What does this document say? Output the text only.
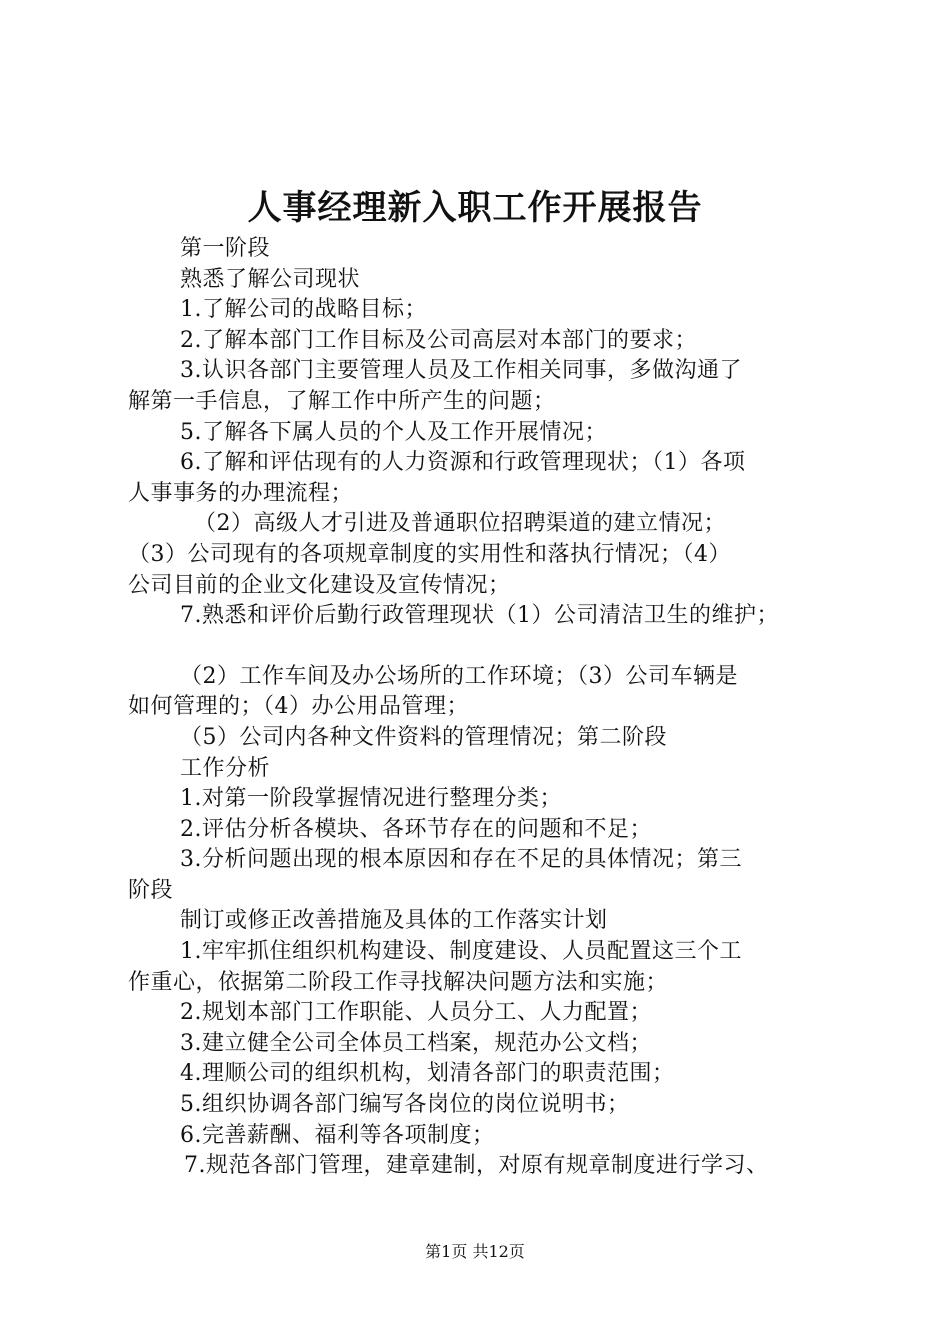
人事经理新入职工作开展报告

第一阶段

熟悉了解公司现状

1.了解公司的战略目标；

2.了解本部门工作目标及公司高层对本部门的要求；

3.认识各部门主要管理人员及工作相关同事，多做沟通了

解第一手信息，了解工作中所产生的问题；

5.了解各下属人员的个人及工作开展情况；

6.了解和评估现有的人力资源和行政管理现状；（1）各项

人事事务的办理流程；

（2）高级人才引进及普通职位招聘渠道的建立情况；

（3）公司现有的各项规章制度的实用性和落执行情况；（4）

公司目前的企业文化建设及宣传情况；

7.熟悉和评价后勤行政管理现状（1）公司清洁卫生的维护；

（2）工作车间及办公场所的工作环境；（3）公司车辆是

如何管理的；（4）办公用品管理；

（5）公司内各种文件资料的管理情况；第二阶段

工作分析

1.对第一阶段掌握情况进行整理分类；

2.评估分析各模块、各环节存在的问题和不足；

3.分析问题出现的根本原因和存在不足的具体情况；第三

阶段

制订或修正改善措施及具体的工作落实计划

1.牢牢抓住组织机构建设、制度建设、人员配置这三个工

作重心，依据第二阶段工作寻找解决问题方法和实施；

2.规划本部门工作职能、人员分工、人力配置；

3.建立健全公司全体员工档案，规范办公文档；

4.理顺公司的组织机构，划清各部门的职责范围；

5.组织协调各部门编写各岗位的岗位说明书；

6.完善薪酬、福利等各项制度；

7.规范各部门管理，建章建制，对原有规章制度进行学习、

第1页 共12页
